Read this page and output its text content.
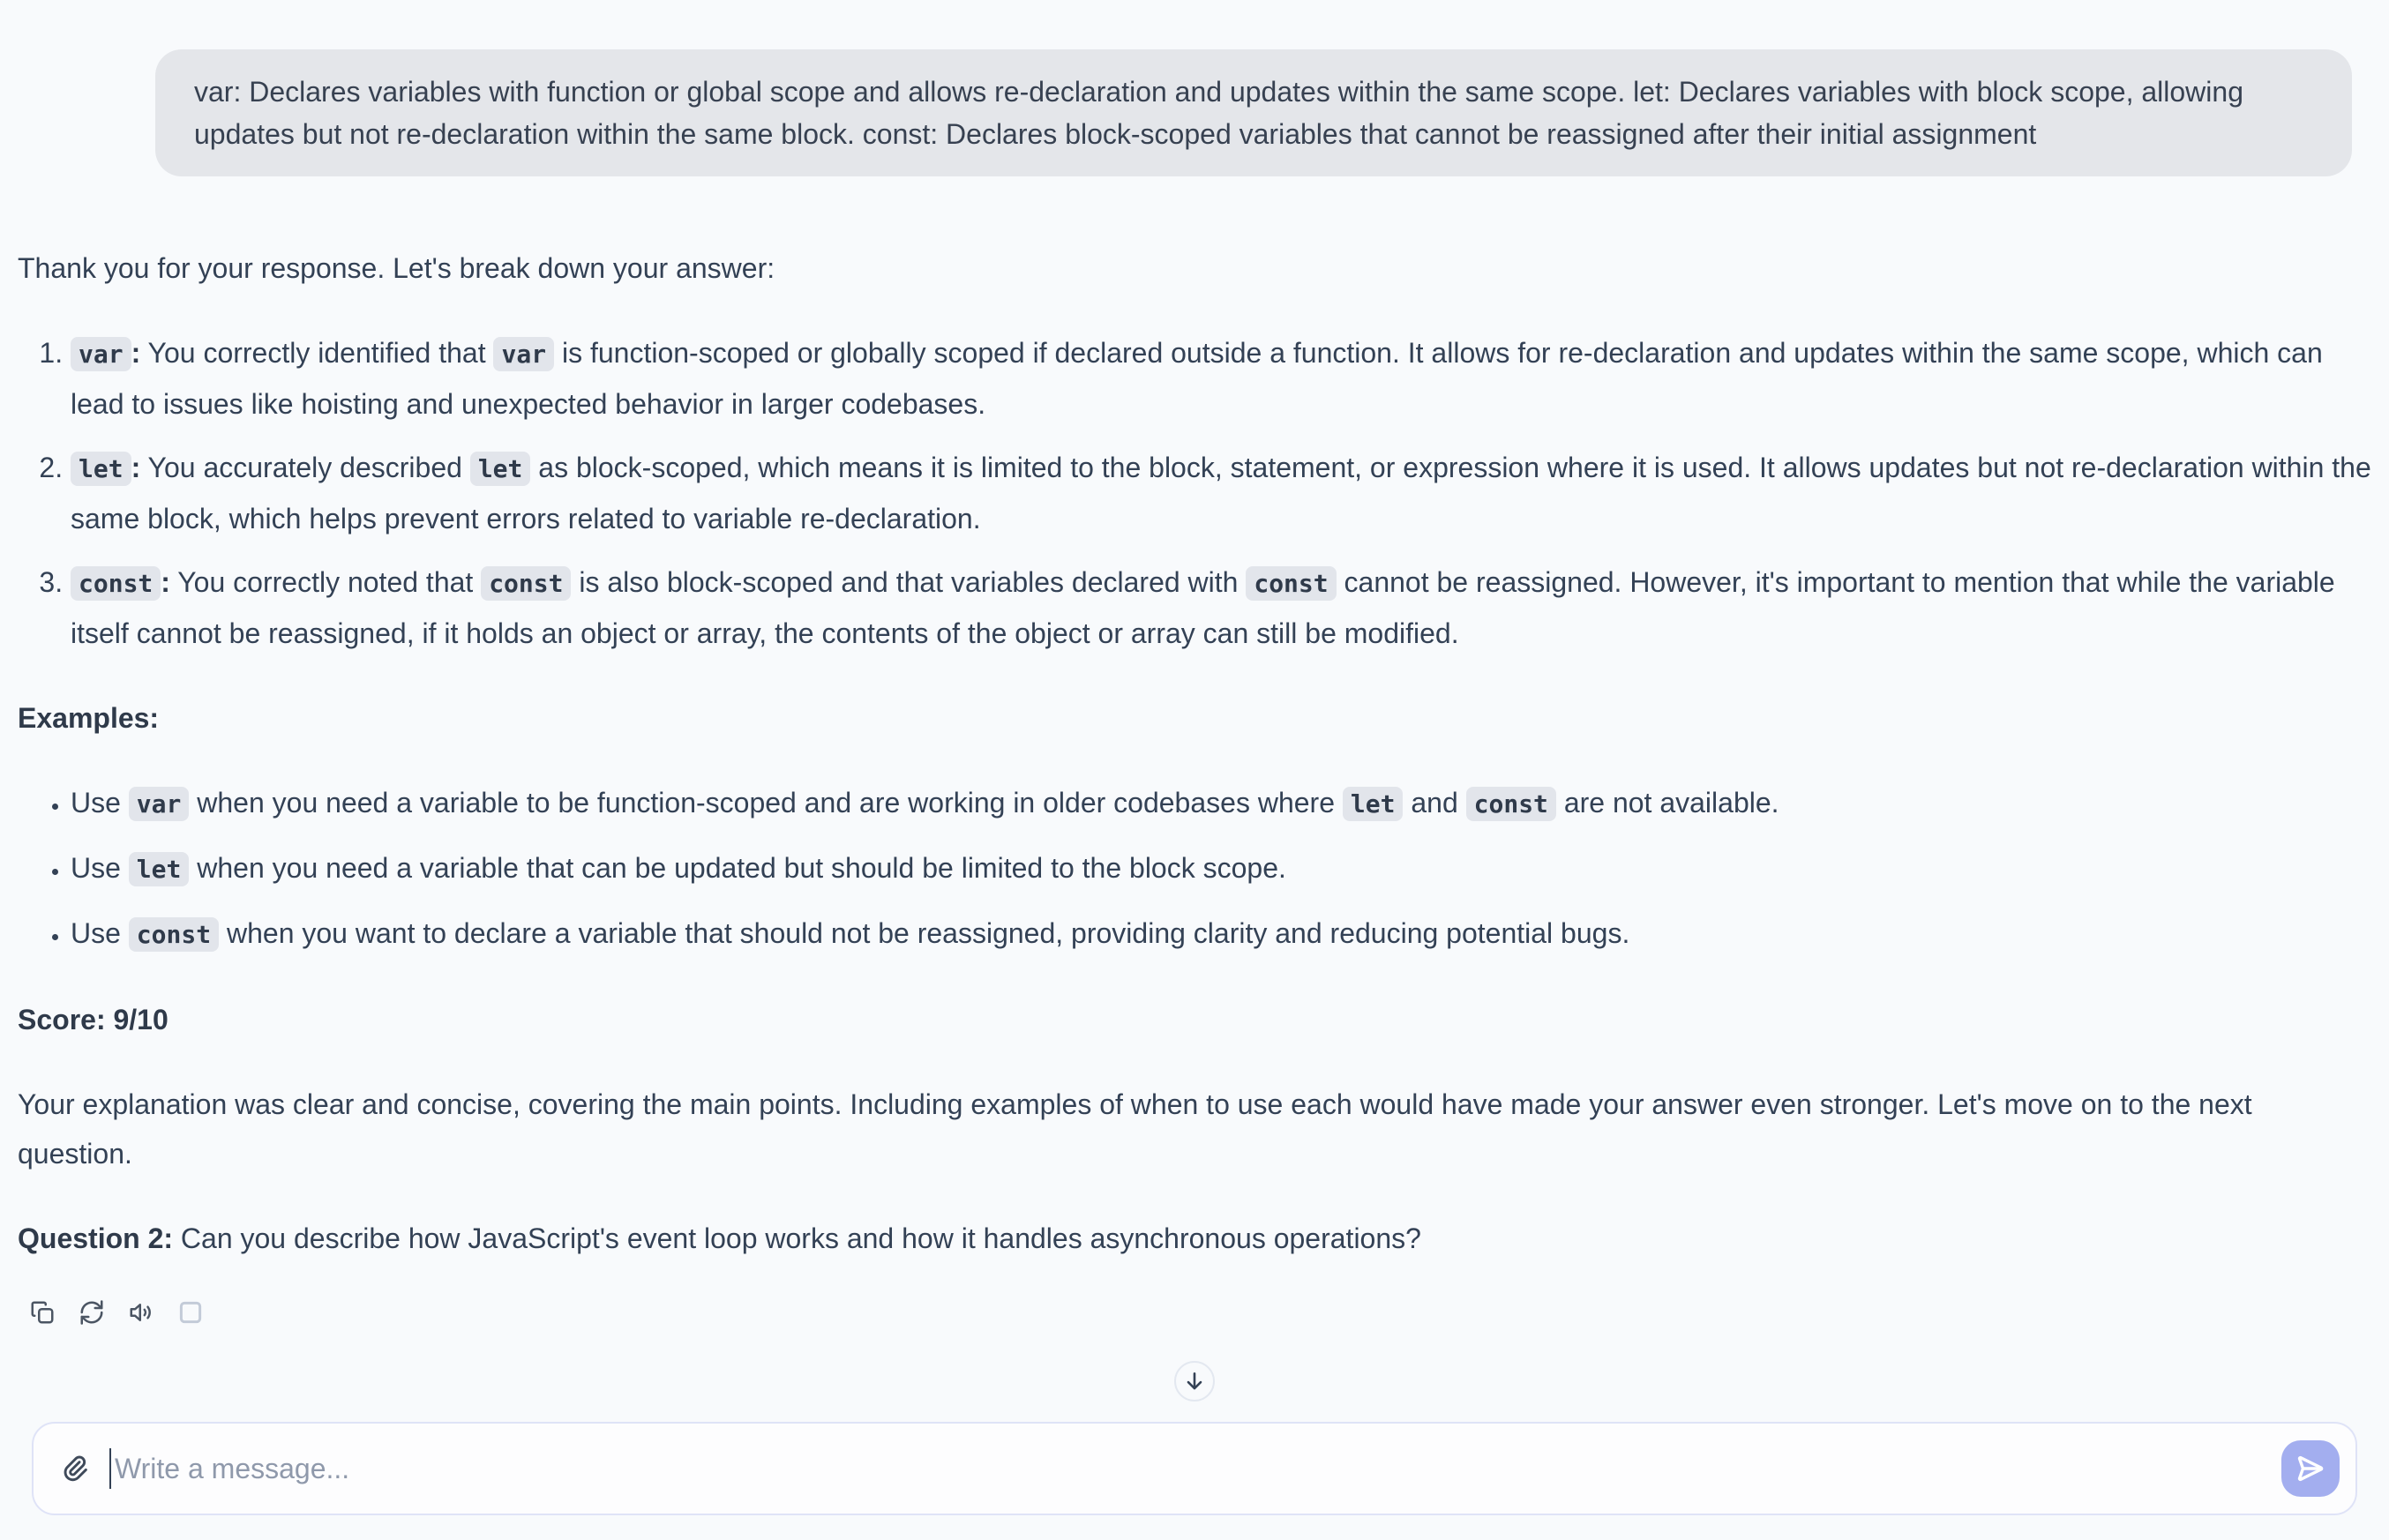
var: Declares variables with function or global scope and allows re-declaration and updates within the same scope. let: Declares variables with block scope, allowing updates but not re-declaration within the same block. const: Declares block-scoped variables that cannot be reassigned after their initial assignment

Thank you for your response. Let's break down your answer:

1. var : You correctly identified that var is function-scoped or globally scoped if declared outside a function. It allows for re-declaration and updates within the same scope, which can lead to issues like hoisting and unexpected behavior in larger codebases.
2. let : You accurately described let as block-scoped, which means it is limited to the block, statement, or expression where it is used. It allows updates but not re-declaration within the same block, which helps prevent errors related to variable re-declaration.
3. const : You correctly noted that const is also block-scoped and that variables declared with const cannot be reassigned. However, it's important to mention that while the variable itself cannot be reassigned, if it holds an object or array, the contents of the object or array can still be modified.

Examples:

• Use var when you need a variable to be function-scoped and are working in older codebases where let and const are not available.
• Use let when you need a variable that can be updated but should be limited to the block scope.
• Use const when you want to declare a variable that should not be reassigned, providing clarity and reducing potential bugs.

Score: 9/10

Your explanation was clear and concise, covering the main points. Including examples of when to use each would have made your answer even stronger. Let's move on to the next question.

Question 2: Can you describe how JavaScript's event loop works and how it handles asynchronous operations?

Write a message...
